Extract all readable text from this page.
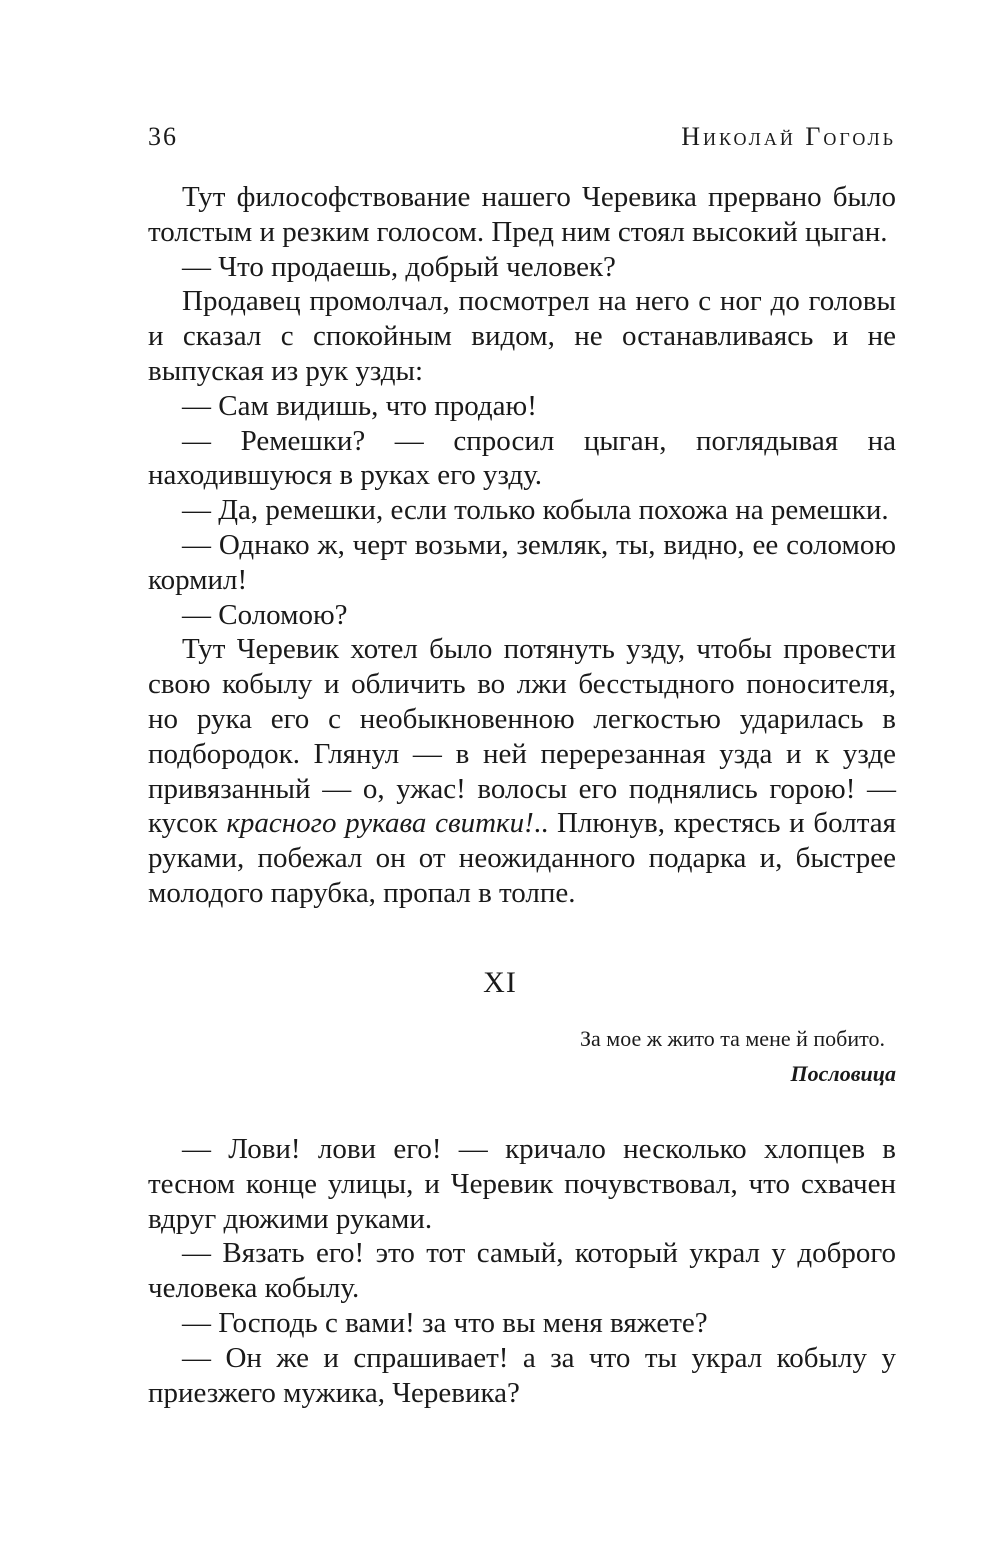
36	Николай Гоголь

Тут философствование нашего Черевика прервано было толстым и резким голосом. Пред ним стоял высокий цыган.

— Что продаешь, добрый человек?

Продавец промолчал, посмотрел на него с ног до головы и сказал с спокойным видом, не останавливаясь и не выпуская из рук узды:

— Сам видишь, что продаю!

— Ремешки? — спросил цыган, поглядывая на находившуюся в руках его узду.

— Да, ремешки, если только кобыла похожа на ремешки.

— Однако ж, черт возьми, земляк, ты, видно, ее соломою кормил!

— Соломою?

Тут Черевик хотел было потянуть узду, чтобы провести свою кобылу и обличить во лжи бесстыдного поносителя, но рука его с необыкновенною легкостью ударилась в подбородок. Глянул — в ней перерезанная узда и к узде привязанный — о, ужас! волосы его поднялись горою! — кусок красного рукава свитки!.. Плюнув, крестясь и болтая руками, побежал он от неожиданного подарка и, быстрее молодого парубка, пропал в толпе.

XI

За мое ж жито та мене й побито.

Пословица

— Лови! лови его! — кричало несколько хлопцев в тесном конце улицы, и Черевик почувствовал, что схвачен вдруг дюжими руками.

— Вязать его! это тот самый, который украл у доброго человека кобылу.

— Господь с вами! за что вы меня вяжете?

— Он же и спрашивает! а за что ты украл кобылу у приезжего мужика, Черевика?
